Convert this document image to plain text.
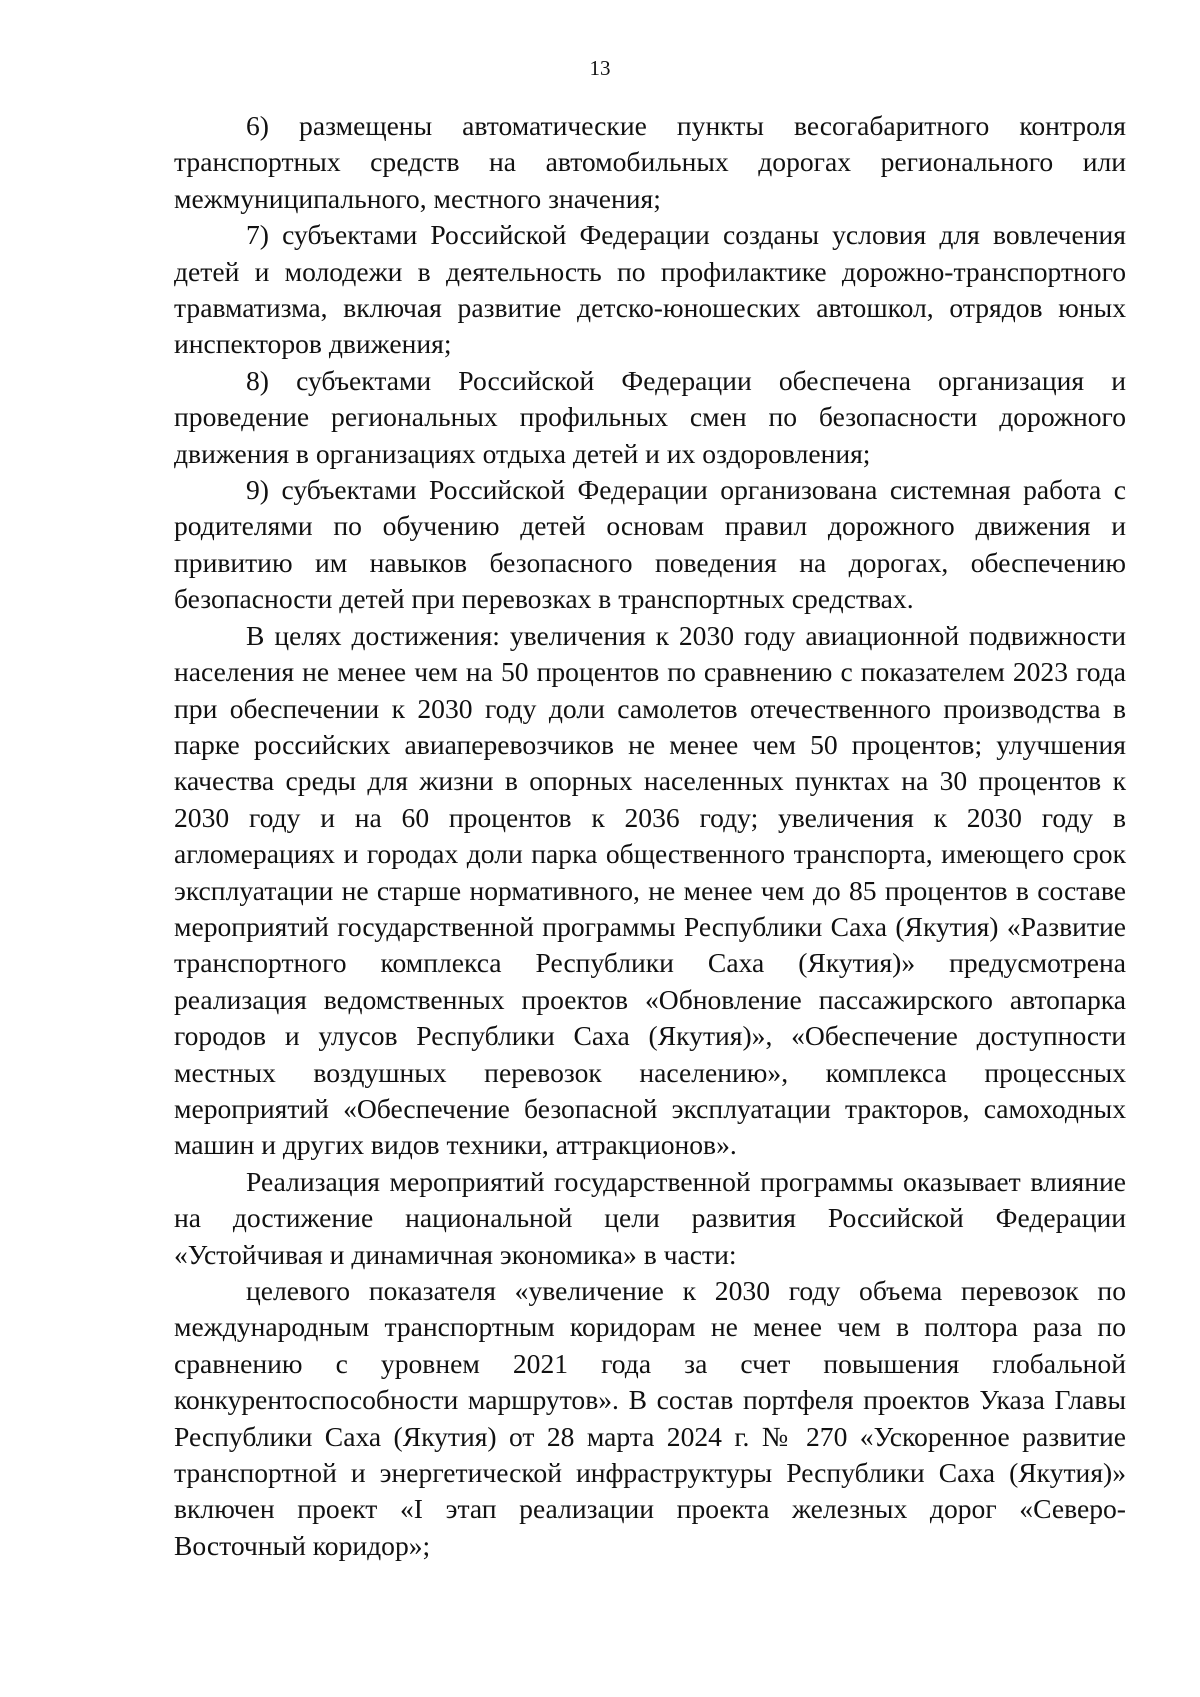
13

6) размещены автоматические пункты весогабаритного контроля транспортных средств на автомобильных дорогах регионального или межмуниципального, местного значения;

7) субъектами Российской Федерации созданы условия для вовлечения детей и молодежи в деятельность по профилактике дорожно-транспортного травматизма, включая развитие детско-юношеских автошкол, отрядов юных инспекторов движения;

8) субъектами Российской Федерации обеспечена организация и проведение региональных профильных смен по безопасности дорожного движения в организациях отдыха детей и их оздоровления;

9) субъектами Российской Федерации организована системная работа с родителями по обучению детей основам правил дорожного движения и привитию им навыков безопасного поведения на дорогах, обеспечению безопасности детей при перевозках в транспортных средствах.

В целях достижения: увеличения к 2030 году авиационной подвижности населения не менее чем на 50 процентов по сравнению с показателем 2023 года при обеспечении к 2030 году доли самолетов отечественного производства в парке российских авиаперевозчиков не менее чем 50 процентов; улучшения качества среды для жизни в опорных населенных пунктах на 30 процентов к 2030 году и на 60 процентов к 2036 году; увеличения к 2030 году в агломерациях и городах доли парка общественного транспорта, имеющего срок эксплуатации не старше нормативного, не менее чем до 85 процентов в составе мероприятий государственной программы Республики Саха (Якутия) «Развитие транспортного комплекса Республики Саха (Якутия)» предусмотрена реализация ведомственных проектов «Обновление пассажирского автопарка городов и улусов Республики Саха (Якутия)», «Обеспечение доступности местных воздушных перевозок населению», комплекса процессных мероприятий «Обеспечение безопасной эксплуатации тракторов, самоходных машин и других видов техники, аттракционов».

Реализация мероприятий государственной программы оказывает влияние на достижение национальной цели развития Российской Федерации «Устойчивая и динамичная экономика» в части:

целевого показателя «увеличение к 2030 году объема перевозок по международным транспортным коридорам не менее чем в полтора раза по сравнению с уровнем 2021 года за счет повышения глобальной конкурентоспособности маршрутов». В состав портфеля проектов Указа Главы Республики Саха (Якутия) от 28 марта 2024 г. № 270 «Ускоренное развитие транспортной и энергетической инфраструктуры Республики Саха (Якутия)» включен проект «I этап реализации проекта железных дорог «Северо-Восточный коридор»;
